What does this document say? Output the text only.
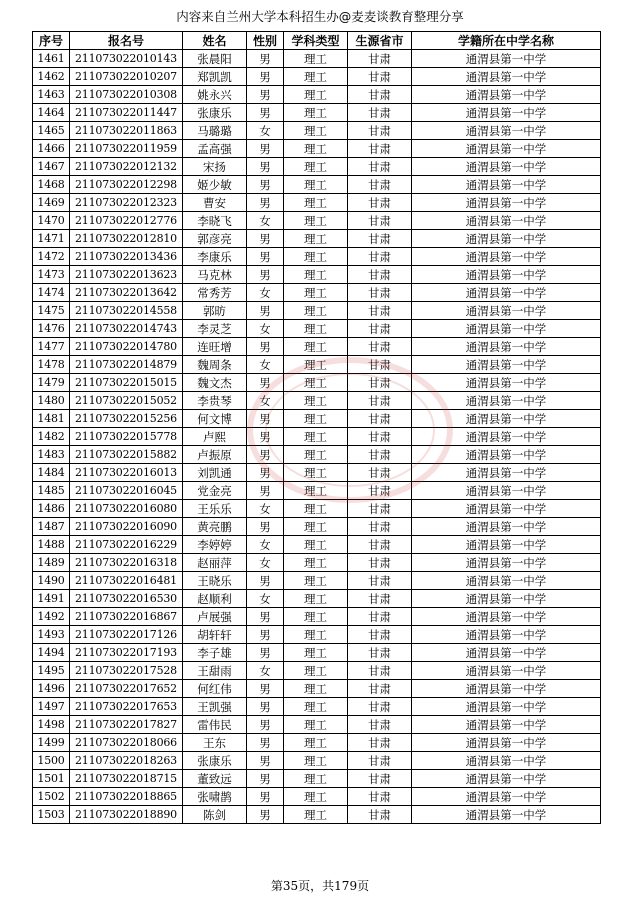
内容来自兰州大学本科招生办@麦麦谈教育整理分享
序号	报名号	姓名	性别	学科类型	生源省市	学籍所在中学名称
1461	21107302201014​3	张晨阳	男	理工	甘肃	通渭县第一中学
1462	211073022010207	郑凯凯	男	理工	甘肃	通渭县第一中学
1463	211073022010308	姚永兴	男	理工	甘肃	通渭县第一中学
1464	211073022011447	张康乐	男	理工	甘肃	通渭县第一中学
1465	211073022011863	马璐璐	女	理工	甘肃	通渭县第一中学
1466	211073022011959	孟高强	男	理工	甘肃	通渭县第一中学
1467	211073022012132	宋扬	男	理工	甘肃	通渭县第一中学
1468	211073022012298	姬少敏	男	理工	甘肃	通渭县第一中学
1469	211073022012323	曹安	男	理工	甘肃	通渭县第一中学
1470	211073022012776	李晓飞	女	理工	甘肃	通渭县第一中学
1471	211073022012810	郭彦亮	男	理工	甘肃	通渭县第一中学
1472	211073022013436	李康乐	男	理工	甘肃	通渭县第一中学
1473	211073022013623	马克林	男	理工	甘肃	通渭县第一中学
1474	211073022013642	常秀芳	女	理工	甘肃	通渭县第一中学
1475	211073022014558	郭昉	男	理工	甘肃	通渭县第一中学
1476	211073022014743	李灵芝	女	理工	甘肃	通渭县第一中学
1477	211073022014780	连旺增	男	理工	甘肃	通渭县第一中学
1478	211073022014879	魏周条	女	理工	甘肃	通渭县第一中学
1479	211073022015015	魏文杰	男	理工	甘肃	通渭县第一中学
1480	211073022015052	李贵琴	女	理工	甘肃	通渭县第一中学
1481	211073022015256	何文博	男	理工	甘肃	通渭县第一中学
1482	211073022015778	卢熙	男	理工	甘肃	通渭县第一中学
1483	211073022015882	卢振原	男	理工	甘肃	通渭县第一中学
1484	211073022016013	刘凯通	男	理工	甘肃	通渭县第一中学
1485	211073022016045	党金亮	男	理工	甘肃	通渭县第一中学
1486	211073022016080	王乐乐	女	理工	甘肃	通渭县第一中学
1487	211073022016090	黄亮鹏	男	理工	甘肃	通渭县第一中学
1488	211073022016229	李婷婷	女	理工	甘肃	通渭县第一中学
1489	211073022016318	赵丽萍	女	理工	甘肃	通渭县第一中学
1490	211073022016481	王晓乐	男	理工	甘肃	通渭县第一中学
1491	211073022016530	赵顺利	女	理工	甘肃	通渭县第一中学
1492	211073022016867	卢展强	男	理工	甘肃	通渭县第一中学
1493	211073022017126	胡轩轩	男	理工	甘肃	通渭县第一中学
1494	211073022017193	李子雄	男	理工	甘肃	通渭县第一中学
1495	211073022017528	王甜雨	女	理工	甘肃	通渭县第一中学
1496	211073022017652	何红伟	男	理工	甘肃	通渭县第一中学
1497	211073022017653	王凯强	男	理工	甘肃	通渭县第一中学
1498	211073022017827	雷伟民	男	理工	甘肃	通渭县第一中学
1499	211073022018066	王东	男	理工	甘肃	通渭县第一中学
1500	211073022018263	张康乐	男	理工	甘肃	通渭县第一中学
1501	211073022018715	董致远	男	理工	甘肃	通渭县第一中学
1502	211073022018865	张啸鹊	男	理工	甘肃	通渭县第一中学
1503	211073022018890	陈剑	男	理工	甘肃	通渭县第一中学
第35页，共179页
